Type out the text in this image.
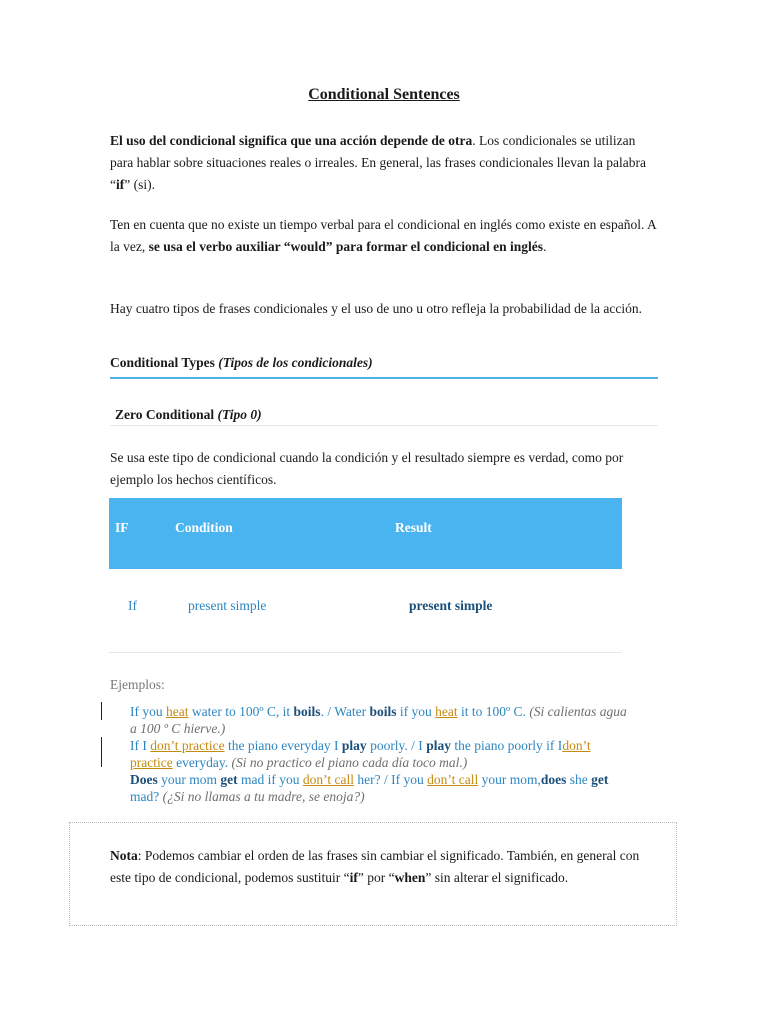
Conditional Sentences
El uso del condicional significa que una acción depende de otra. Los condicionales se utilizan para hablar sobre situaciones reales o irreales. En general, las frases condicionales llevan la palabra “if” (si).
Ten en cuenta que no existe un tiempo verbal para el condicional en inglés como existe en español. A la vez, se usa el verbo auxiliar “would” para formar el condicional en inglés.
Hay cuatro tipos de frases condicionales y el uso de uno u otro refleja la probabilidad de la acción.
Conditional Types (Tipos de los condicionales)
Zero Conditional (Tipo 0)
Se usa este tipo de condicional cuando la condición y el resultado siempre es verdad, como por ejemplo los hechos científicos.
IF	Condition	Result
If	present simple	present simple
Ejemplos:
If you heat water to 100º C, it boils. / Water boils if you heat it to 100º C. (Si calientas agua a 100 º C hierve.)
If I don’t practice the piano everyday I play poorly. / I play the piano poorly if Idon’t practice everyday. (Si no practico el piano cada día toco mal.)
Does your mom get mad if you don’t call her? / If you don’t call your mom,does she get mad? (¿Si no llamas a tu madre, se enoja?)
Nota: Podemos cambiar el orden de las frases sin cambiar el significado. También, en general con este tipo de condicional, podemos sustituir “if” por “when” sin alterar el significado.
